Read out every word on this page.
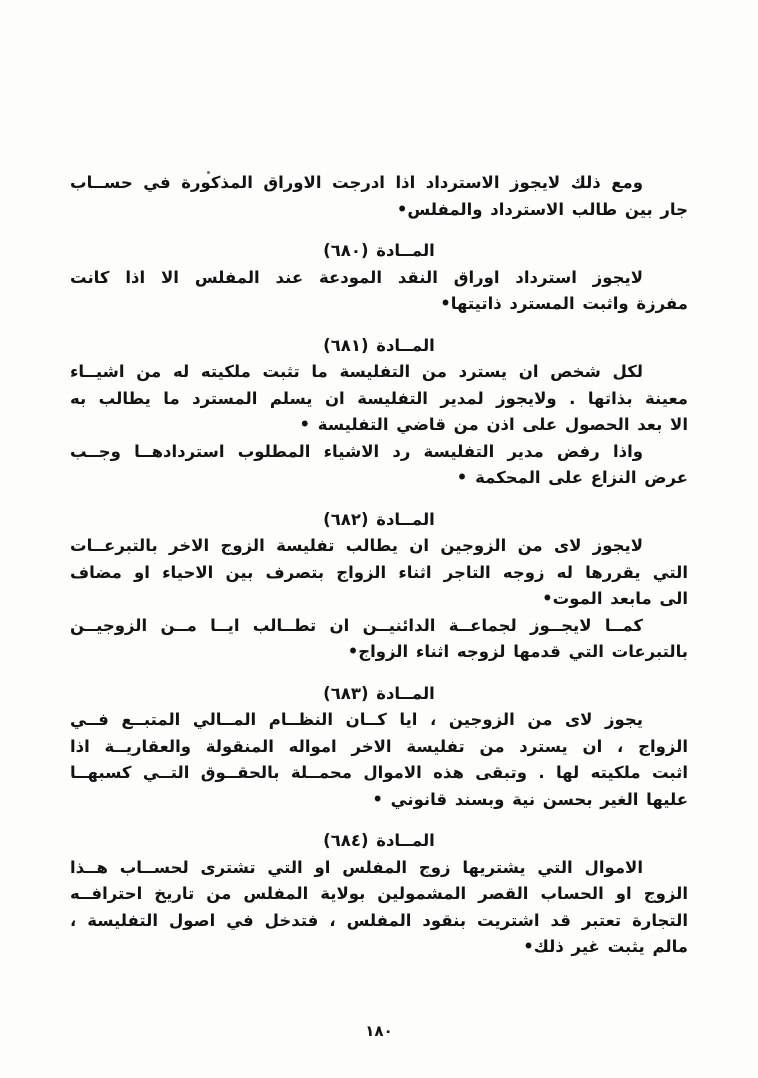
ومع ذلك لايجوز الاسترداد اذا ادرجت الاوراق المذكورة في حســاب
جار بين طالب الاسترداد والمفلس•
المــادة (٦٨٠)
لايجوز استرداد اوراق النقد المودعة عند المفلس الا اذا كانت
مفرزة واثبت المسترد ذاتيتها•
المــادة (٦٨١)
لكل شخص ان يسترد من التفليسة ما تثبت ملكيته له من اشيــاء
معينة بذاتها . ولايجوز لمدير التفليسة ان يسلم المسترد ما يطالب به
الا بعد الحصول على اذن من قاضي التفليسة •
واذا رفض مدير التفليسة رد الاشياء المطلوب استردادهــا وجــب
عرض النزاع على المحكمة •
المــادة (٦٨٢)
لايجوز لاى من الزوجين ان يطالب تفليسة الزوج الاخر بالتبرعــات
التي يقررها له زوجه التاجر اثناء الزواج بتصرف بين الاحياء او مضاف
الى مابعد الموت•
كمــا لايجــوز لجماعــة الدائنيــن ان تطــالب ايــا مــن الزوجيــن
بالتبرعات التي قدمها لزوجه اثناء الزواج•
المــادة (٦٨٣)
يجوز لاى من الزوجين ، ايا كــان النظــام المــالي المتبــع فــي
الزواج ، ان يسترد من تفليسة الاخر امواله المنقولة والعقاريــة اذا
اثبت ملكيته لها . وتبقى هذه الاموال محمــلة بالحقــوق التــي كسبهــا
عليها الغير بحسن نية وبسند قانوني •
المــادة (٦٨٤)
الاموال التي يشتريها زوج المفلس او التي تشترى لحســاب هــذا
الزوج او الحساب القصر المشمولين بولاية المفلس من تاريخ احترافــه
التجارة تعتبر قد اشتريت بنقود المفلس ، فتدخل في اصول التفليسة ،
مالم يثبت غير ذلك•
١٨٠
